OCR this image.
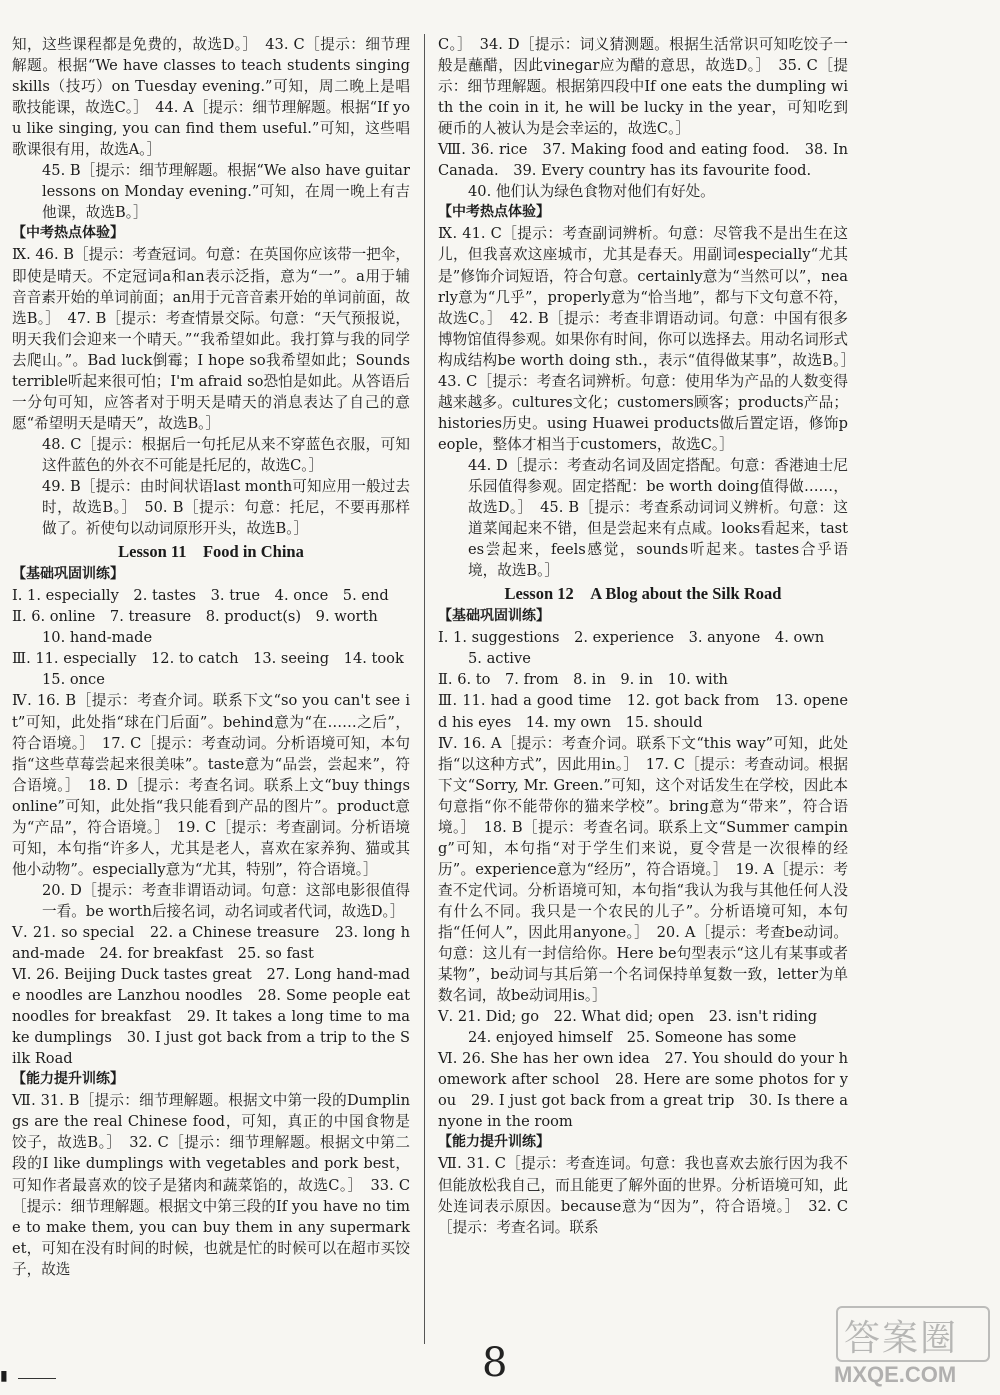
知，这些课程都是免费的，故选D。］　43. C［提示：细节理解题。根据“We have classes to teach students singing skills（技巧）on Tuesday evening.”可知，周二晚上是唱歌技能课，故选C。］　44. A［提示：细节理解题。根据“If you like singing, you can find them useful.”可知，这些唱歌课很有用，故选A。］

45. B［提示：细节理解题。根据“We also have guitar lessons on Monday evening.”可知，在周一晚上有吉他课，故选B。］

【中考热点体验】

Ⅸ. 46. B［提示：考查冠词。句意：在英国你应该带一把伞，即使是晴天。不定冠词a和an表示泛指，意为“一”。a用于辅音音素开始的单词前面；an用于元音音素开始的单词前面，故选B。］　47. B［提示：考查情景交际。句意：“天气预报说，明天我们会迎来一个晴天。”“我希望如此。我打算与我的同学去爬山。”。Bad luck倒霉；I hope so我希望如此；Sounds terrible听起来很可怕；I'm afraid so恐怕是如此。从答语后一分句可知，应答者对于明天是晴天的消息表达了自己的意愿“希望明天是晴天”，故选B。］

48. C［提示：根据后一句托尼从来不穿蓝色衣服，可知这件蓝色的外衣不可能是托尼的，故选C。］

49. B［提示：由时间状语last month可知应用一般过去时，故选B。］　50. B［提示：句意：托尼，不要再那样做了。祈使句以动词原形开头，故选B。］

Lesson 11　Food in China

【基础巩固训练】

Ⅰ. 1. especially　2. tastes　3. true　4. once　5. end

Ⅱ. 6. online　7. treasure　8. product(s)　9. worth

10. hand-made

Ⅲ. 11. especially　12. to catch　13. seeing　14. took

15. once

Ⅳ. 16. B［提示：考查介词。联系下文“so you can't see it”可知，此处指“球在门后面”。behind意为“在……之后”，符合语境。］　17. C［提示：考查动词。分析语境可知，本句指“这些草莓尝起来很美味”。taste意为“品尝，尝起来”，符合语境。］　18. D［提示：考查名词。联系上文“buy things online”可知，此处指“我只能看到产品的图片”。product意为“产品”，符合语境。］　19. C［提示：考查副词。分析语境可知，本句指“许多人，尤其是老人，喜欢在家养狗、猫或其他小动物”。especially意为“尤其，特别”，符合语境。］

20. D［提示：考查非谓语动词。句意：这部电影很值得一看。be worth后接名词，动名词或者代词，故选D。］

Ⅴ. 21. so special　22. a Chinese treasure　23. long hand-made　24. for breakfast　25. so fast

Ⅵ. 26. Beijing Duck tastes great　27. Long hand-made noodles are Lanzhou noodles　28. Some people eat noodles for breakfast　29. It takes a long time to make dumplings　30. I just got back from a trip to the Silk Road

【能力提升训练】

Ⅶ. 31. B［提示：细节理解题。根据文中第一段的Dumplings are the real Chinese food，可知，真正的中国食物是饺子，故选B。］　32. C［提示：细节理解题。根据文中第二段的I like dumplings with vegetables and pork best，可知作者最喜欢的饺子是猪肉和蔬菜馅的，故选C。］　33. C［提示：细节理解题。根据文中第三段的If you have no time to make them, you can buy them in any supermarket，可知在没有时间的时候，也就是忙的时候可以在超市买饺子，故选

C。］　34. D［提示：词义猜测题。根据生活常识可知吃饺子一般是蘸醋，因此vinegar应为醋的意思，故选D。］　35. C［提示：细节理解题。根据第四段中If one eats the dumpling with the coin in it, he will be lucky in the year，可知吃到硬币的人被认为是会幸运的，故选C。］

Ⅷ. 36. rice　37. Making food and eating food.　38. In Canada.　39. Every country has its favourite food.

40. 他们认为绿色食物对他们有好处。

【中考热点体验】

Ⅸ. 41. C［提示：考查副词辨析。句意：尽管我不是出生在这儿，但我喜欢这座城市，尤其是春天。用副词especially“尤其是”修饰介词短语，符合句意。certainly意为“当然可以”，nearly意为“几乎”，properly意为“恰当地”，都与下文句意不符，故选C。］　42. B［提示：考查非谓语动词。句意：中国有很多博物馆值得参观。如果你有时间，你可以选择去。用动名词形式构成结构be worth doing sth.，表示“值得做某事”，故选B。］　43. C［提示：考查名词辨析。句意：使用华为产品的人数变得越来越多。cultures文化；customers顾客；products产品；histories历史。using Huawei products做后置定语，修饰people，整体才相当于customers，故选C。］

44. D［提示：考查动名词及固定搭配。句意：香港迪士尼乐园值得参观。固定搭配：be worth doing值得做……，故选D。］　45. B［提示：考查系动词词义辨析。句意：这道菜闻起来不错，但是尝起来有点咸。looks看起来，tastes尝起来，feels感觉，sounds听起来。tastes合乎语境，故选B。］

Lesson 12　A Blog about the Silk Road

【基础巩固训练】

Ⅰ. 1. suggestions　2. experience　3. anyone　4. own

5. active

Ⅱ. 6. to　7. from　8. in　9. in　10. with

Ⅲ. 11. had a good time　12. got back from　13. opened his eyes　14. my own　15. should

Ⅳ. 16. A［提示：考查介词。联系下文“this way”可知，此处指“以这种方式”，因此用in。］　17. C［提示：考查动词。根据下文“Sorry, Mr. Green.”可知，这个对话发生在学校，因此本句意指“你不能带你的猫来学校”。bring意为“带来”，符合语境。］　18. B［提示：考查名词。联系上文“Summer camping”可知，本句指“对于学生们来说，夏令营是一次很棒的经历”。experience意为“经历”，符合语境。］　19. A［提示：考查不定代词。分析语境可知，本句指“我认为我与其他任何人没有什么不同。我只是一个农民的儿子”。分析语境可知，本句指“任何人”，因此用anyone。］　20. A［提示：考查be动词。句意：这儿有一封信给你。Here be句型表示“这儿有某事或者某物”，be动词与其后第一个名词保持单复数一致，letter为单数名词，故be动词用is。］

Ⅴ. 21. Did; go　22. What did; open　23. isn't riding

24. enjoyed himself　25. Someone has some

Ⅵ. 26. She has her own idea　27. You should do your homework after school　28. Here are some photos for you　29. I just got back from a great trip　30. Is there anyone in the room

【能力提升训练】

Ⅶ. 31. C［提示：考查连词。句意：我也喜欢去旅行因为我不但能放松我自己，而且能更了解外面的世界。分析语境可知，此处连词表示原因。because意为“因为”，符合语境。］　32. C［提示：考查名词。联系

8
▮
答案圈
MXQE.COM
